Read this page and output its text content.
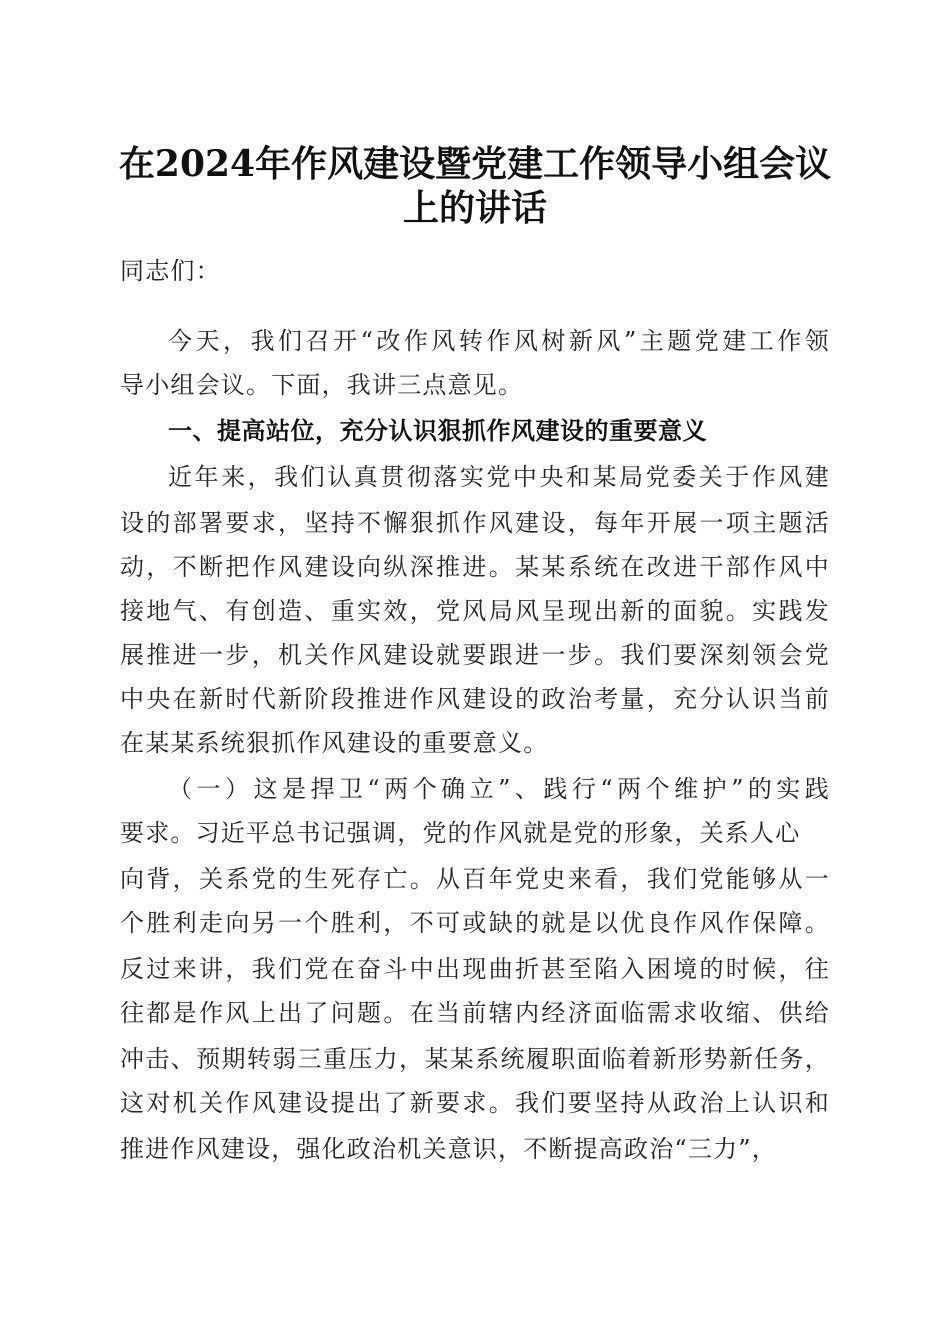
在2024年作风建设暨党建工作领导小组会议
上的讲话
同志们：
今天，我们召开“改作风转作风树新风”主题党建工作领
导小组会议。下面，我讲三点意见。
一、提高站位，充分认识狠抓作风建设的重要意义
近年来，我们认真贯彻落实党中央和某局党委关于作风建
设的部署要求，坚持不懈狠抓作风建设，每年开展一项主题活
动，不断把作风建设向纵深推进。某某系统在改进干部作风中
接地气、有创造、重实效，党风局风呈现出新的面貌。实践发
展推进一步，机关作风建设就要跟进一步。我们要深刻领会党
中央在新时代新阶段推进作风建设的政治考量，充分认识当前
在某某系统狠抓作风建设的重要意义。
（一）这是捍卫“两个确立”、践行“两个维护”的实践
要求。习近平总书记强调，党的作风就是党的形象，关系人心
向背，关系党的生死存亡。从百年党史来看，我们党能够从一
个胜利走向另一个胜利，不可或缺的就是以优良作风作保障。
反过来讲，我们党在奋斗中出现曲折甚至陷入困境的时候，往
往都是作风上出了问题。在当前辖内经济面临需求收缩、供给
冲击、预期转弱三重压力，某某系统履职面临着新形势新任务，
这对机关作风建设提出了新要求。我们要坚持从政治上认识和
推进作风建设，强化政治机关意识，不断提高政治“三力”，
